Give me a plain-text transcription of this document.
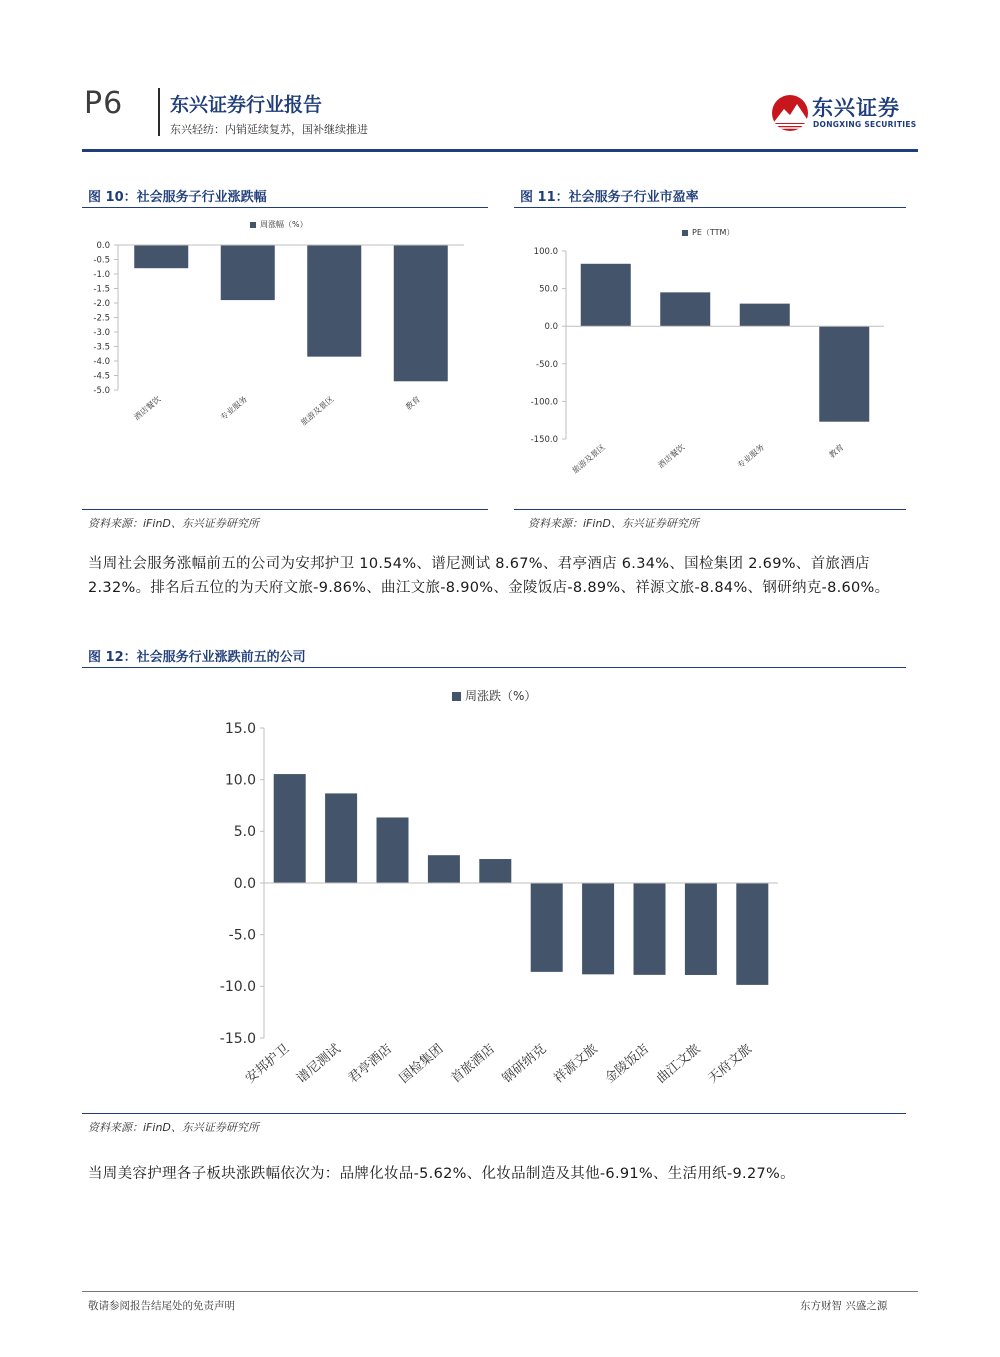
P6 东兴证券行业报告
东兴轻纺：内销延续复苏，国补继续推进
东兴证券
DONGXING SECURITIES
图 10：社会服务子行业涨跌幅
周涨幅（%）
0.0
-0.5
-1.0
-1.5
-2.0
-2.5
-3.0
-3.5
-4.0
-4.5
-5.0
酒店餐饮	专业服务	旅游及景区	教育
资料来源：iFinD、东兴证券研究所
图 11：社会服务子行业市盈率
PE（TTM）
100.0
50.0
0.0
-50.0
-100.0
-150.0
旅游及景区	酒店餐饮	专业服务	教育
资料来源：iFinD、东兴证券研究所
当周社会服务涨幅前五的公司为安邦护卫 10.54%、谱尼测试 8.67%、君亭酒店 6.34%、国检集团 2.69%、首旅酒店 2.32%。排名后五位的为天府文旅-9.86%、曲江文旅-8.90%、金陵饭店-8.89%、祥源文旅-8.84%、钢研纳克-8.60%。
图 12：社会服务行业涨跌前五的公司
周涨跌（%）
15.0
10.0
5.0
0.0
-5.0
-10.0
-15.0
安邦护卫 谱尼测试 君亭酒店 国检集团 首旅酒店 钢研纳克 祥源文旅 金陵饭店 曲江文旅 天府文旅
资料来源：iFinD、东兴证券研究所
当周美容护理各子板块涨跌幅依次为：品牌化妆品-5.62%、化妆品制造及其他-6.91%、生活用纸-9.27%。
敬请参阅报告结尾处的免责声明	东方财智 兴盛之源
